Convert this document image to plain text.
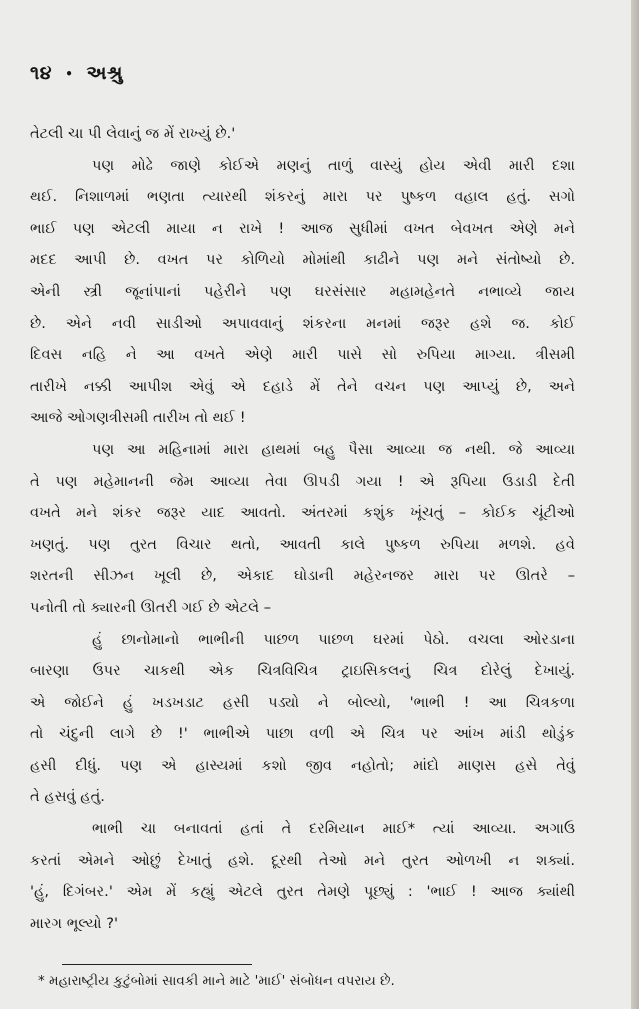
૧૪ • અશ્રુ
તેટલી ચા પી લેવાનું જ મેં રાખ્યું છે.'
પણ મોઢે જાણે કોઈએ મણનું તાળું વાસ્યું હોય એવી મારી દશા
થઈ. નિશાળમાં ભણતા ત્યારથી શંકરનું મારા પર પુષ્કળ વહાલ હતું. સગો
ભાઈ પણ એટલી માયા ન રાખે ! આજ સુધીમાં વખત બેવખત એણે મને
મદદ આપી છે. વખત પર કોળિયો મોમાંથી કાઢીને પણ મને સંતોષ્યો છે.
એની સ્ત્રી જૂનાંપાનાં પહેરીને પણ ઘરસંસાર મહામહેનતે નભાવ્યે જાય
છે. એને નવી સાડીઓ અપાવવાનું શંકરના મનમાં જરૂર હશે જ. કોઈ
દિવસ નહિ ને આ વખતે એણે મારી પાસે સો રુપિયા માગ્યા. ત્રીસમી
તારીખે નક્કી આપીશ એવું એ દહાડે મેં તેને વચન પણ આપ્યું છે, અને
આજે ઓગણત્રીસમી તારીખ તો થઈ !
પણ આ મહિનામાં મારા હાથમાં બહુ પૈસા આવ્યા જ નથી. જે આવ્યા
તે પણ મહેમાનની જેમ આવ્યા તેવા ઊપડી ગયા ! એ રૂપિયા ઉડાડી દેતી
વખતે મને શંકર જરૂર યાદ આવતો. અંતરમાં કશુંક ખૂંચતું – કોઈક ચૂંટીઓ
ખણતું. પણ તુરત વિચાર થતો, આવતી કાલે પુષ્કળ રુપિયા મળશે. હવે
શરતની સીઝન ખૂલી છે, એકાદ ઘોડાની મહેરનજર મારા પર ઊતરે –
પનોતી તો ક્યારની ઊતરી ગઈ છે એટલે –
હું છાનોમાનો ભાભીની પાછળ પાછળ ઘરમાં પેઠો. વચલા ઓરડાના
બારણા ઉપર ચાકથી એક ચિત્રવિચિત્ર ટ્રાઇસિકલનું ચિત્ર દોરેલું દેખાયું.
એ જોઈને હું ખડખડાટ હસી પડ્યો ને બોલ્યો, 'ભાભી ! આ ચિત્રકળા
તો ચંદુની લાગે છે !' ભાભીએ પાછા વળી એ ચિત્ર પર આંખ માંડી થોડુંક
હસી દીધું. પણ એ હાસ્યમાં કશો જીવ નહોતો; માંદો માણસ હસે તેવું
તે હસવું હતું.
ભાભી ચા બનાવતાં હતાં તે દરમિયાન માઈ* ત્યાં આવ્યા. અગાઉ
કરતાં એમને ઓછું દેખાતું હશે. દૂરથી તેઓ મને તુરત ઓળખી ન શક્યાં.
'હું, દિગંબર.' એમ મેં કહ્યું એટલે તુરત તેમણે પૂછ્યું : 'ભાઈ ! આજ ક્યાંથી
મારગ ભૂલ્યો ?'
* મહારાષ્ટ્રીય કુટુંબોમાં સાવકી માને માટે 'માઈ' સંબોધન વપરાય છે.
